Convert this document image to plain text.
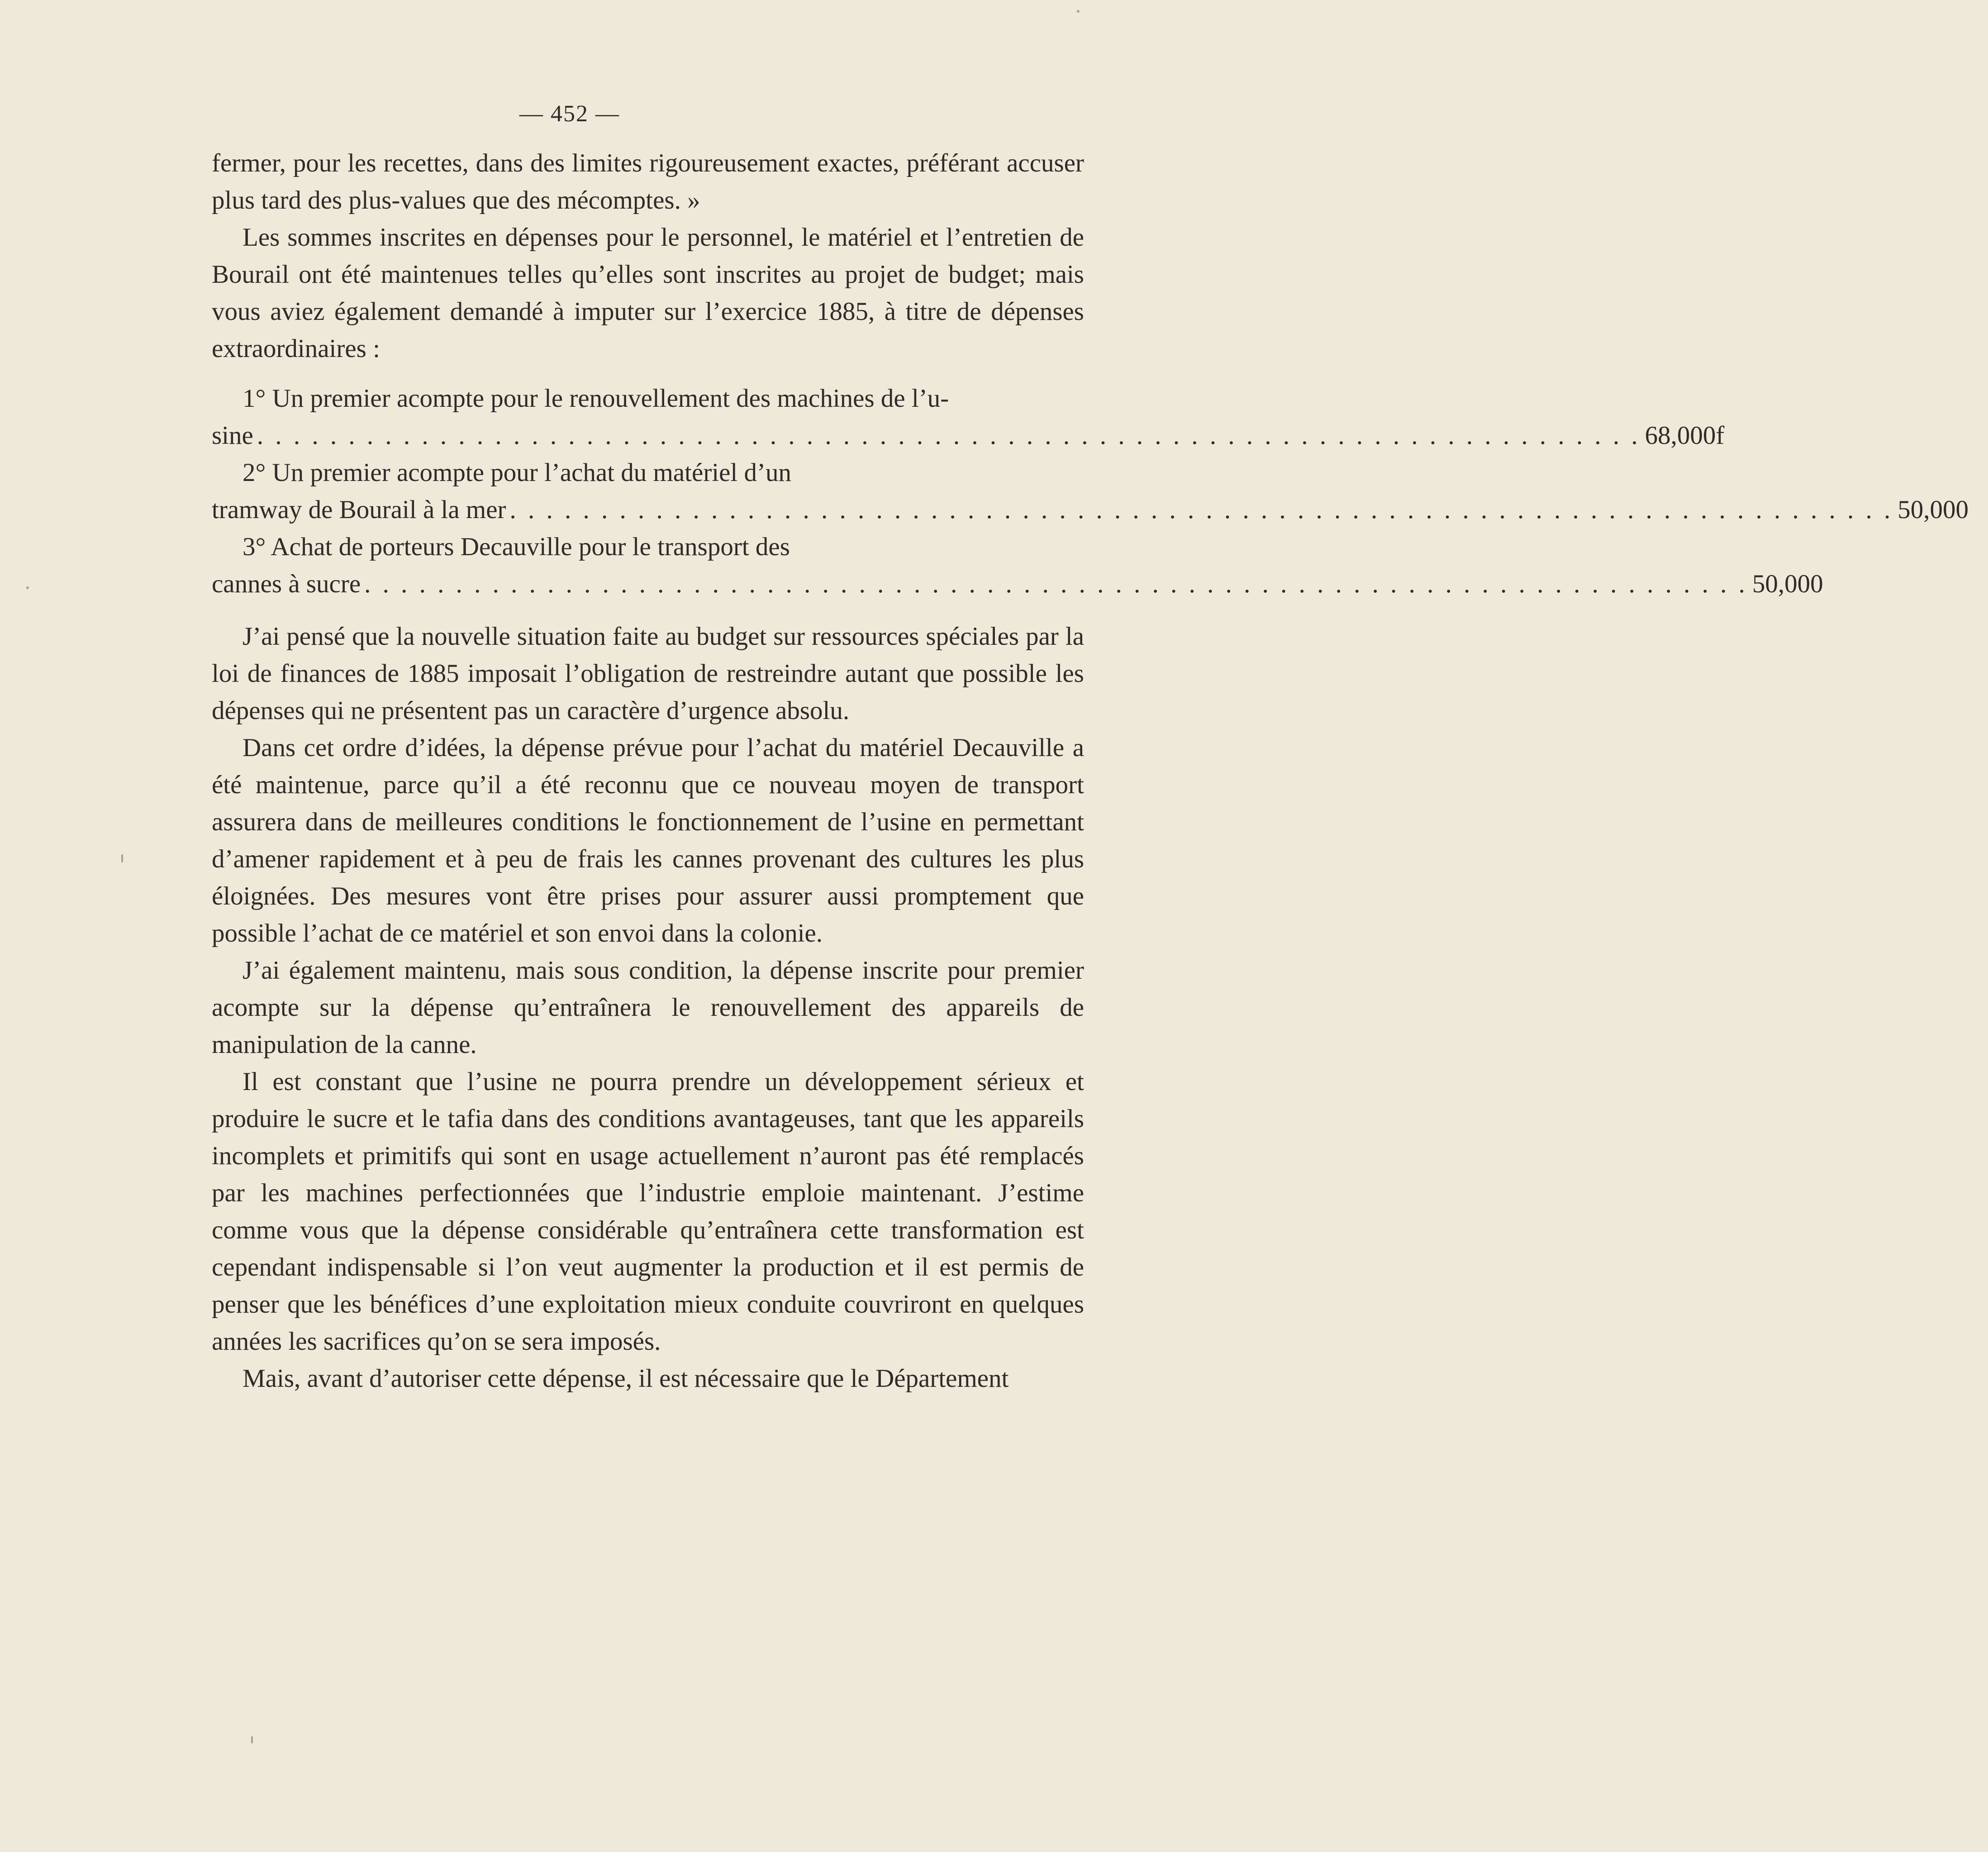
— 452 —

fermer, pour les recettes, dans des limites rigoureusement exactes, préférant accuser plus tard des plus-values que des mécomptes. »

Les sommes inscrites en dépenses pour le personnel, le matériel et l’entretien de Bourail ont été maintenues telles qu’elles sont inscrites au projet de budget; mais vous aviez également demandé à imputer sur l’exercice 1885, à titre de dépenses extraordinaires :

1° Un premier acompte pour le renouvellement des machines de l’u-
sine . . . . . . . . . . . . . . . . . . . . . . . . . . . . . . . . . . . . . . . . . . . . . . . . . . . . . . . . . . . . . . . . . . . . . . . . . . . . 68,000f
2° Un premier acompte pour l’achat du matériel d’un
tramway de Bourail à la mer . . . . . . . . . . . . . . . . . . . . . . . . . . . . . . . . . . . . . . . . . . . . . . . . . . . . . . . . . . . . . . . . . . . . . . . . . . . . 50,000
3° Achat de porteurs Decauville pour le transport des
cannes à sucre . . . . . . . . . . . . . . . . . . . . . . . . . . . . . . . . . . . . . . . . . . . . . . . . . . . . . . . . . . . . . . . . . . . . . . . . . . . . 50,000

J’ai pensé que la nouvelle situation faite au budget sur ressources spéciales par la loi de finances de 1885 imposait l’obligation de restreindre autant que possible les dépenses qui ne présentent pas un caractère d’urgence absolu.

Dans cet ordre d’idées, la dépense prévue pour l’achat du matériel Decauville a été maintenue, parce qu’il a été reconnu que ce nouveau moyen de transport assurera dans de meilleures conditions le fonctionnement de l’usine en permettant d’amener rapidement et à peu de frais les cannes provenant des cultures les plus éloignées. Des mesures vont être prises pour assurer aussi promptement que possible l’achat de ce matériel et son envoi dans la colonie.

J’ai également maintenu, mais sous condition, la dépense inscrite pour premier acompte sur la dépense qu’entraînera le renouvellement des appareils de manipulation de la canne.

Il est constant que l’usine ne pourra prendre un développement sérieux et produire le sucre et le tafia dans des conditions avantageuses, tant que les appareils incomplets et primitifs qui sont en usage actuellement n’auront pas été remplacés par les machines perfectionnées que l’industrie emploie maintenant. J’estime comme vous que la dépense considérable qu’entraînera cette transformation est cependant indispensable si l’on veut augmenter la production et il est permis de penser que les bénéfices d’une exploitation mieux conduite couvriront en quelques années les sacrifices qu’on se sera imposés.

Mais, avant d’autoriser cette dépense, il est nécessaire que le Département
